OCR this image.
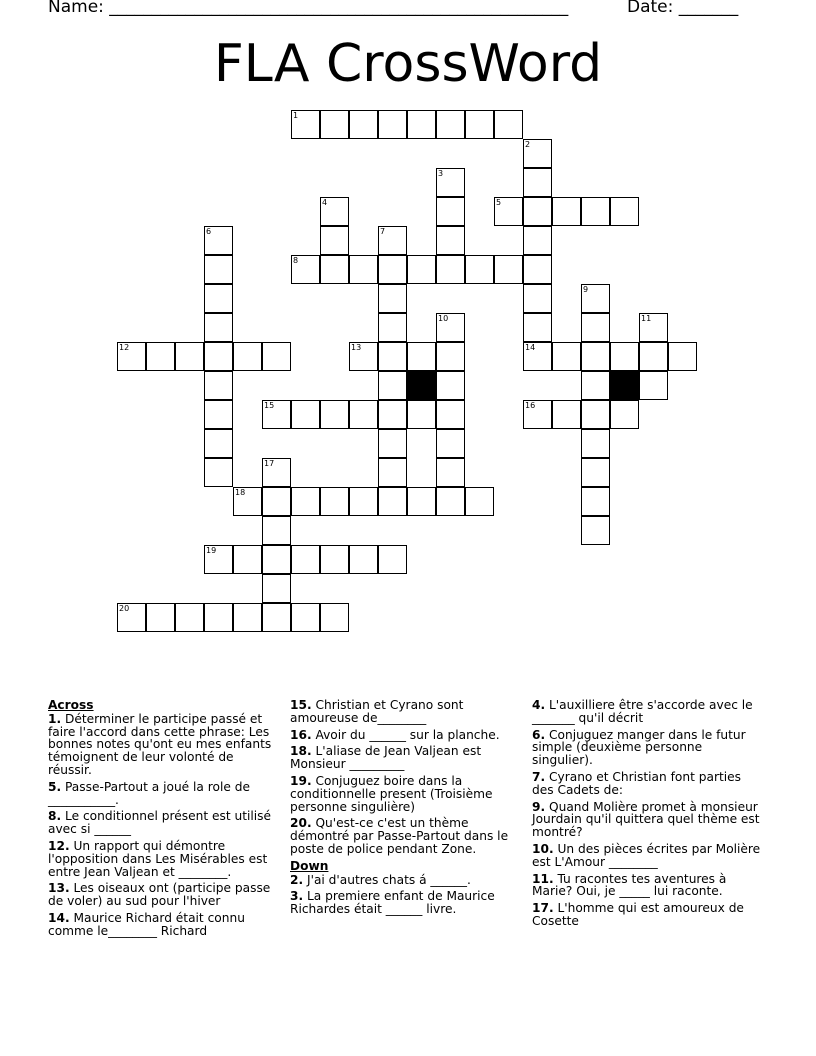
Name: ______________________________________________________	Date: _______
FLA CrossWord
1
2
3
4	5
6	7
8
9
10	11
12	13	14
15	16
17
18
19
20
Across
1. Déterminer le participe passé et faire l'accord dans cette phrase: Les bonnes notes qu'ont eu mes enfants témoignent de leur volonté de réussir.
5. Passe-Partout a joué la role de ___________.
8. Le conditionnel présent est utilisé avec si ______
12. Un rapport qui démontre l'opposition dans Les Misérables est entre Jean Valjean et ________.
13. Les oiseaux ont (participe passe de voler) au sud pour l'hiver
14. Maurice Richard était connu comme le________ Richard
15. Christian et Cyrano sont amoureuse de________
16. Avoir du ______ sur la planche.
18. L'aliase de Jean Valjean est Monsieur _________
19. Conjuguez boire dans la conditionnelle present (Troisième personne singulière)
20. Qu'est-ce c'est un thème démontré par Passe-Partout dans le poste de police pendant Zone.
Down
2. J'ai d'autres chats á ______.
3. La premiere enfant de Maurice Richardes était ______ livre.
4. L'auxilliere être s'accorde avec le _______ qu'il décrit
6. Conjuguez manger dans le futur simple (deuxième personne singulier).
7. Cyrano et Christian font parties des Cadets de:
9. Quand Molière promet à monsieur Jourdain qu'il quittera quel thème est montré?
10. Un des pièces écrites par Molière est L'Amour ________
11. Tu racontes tes aventures à Marie? Oui, je _____ lui raconte.
17. L'homme qui est amoureux de Cosette
